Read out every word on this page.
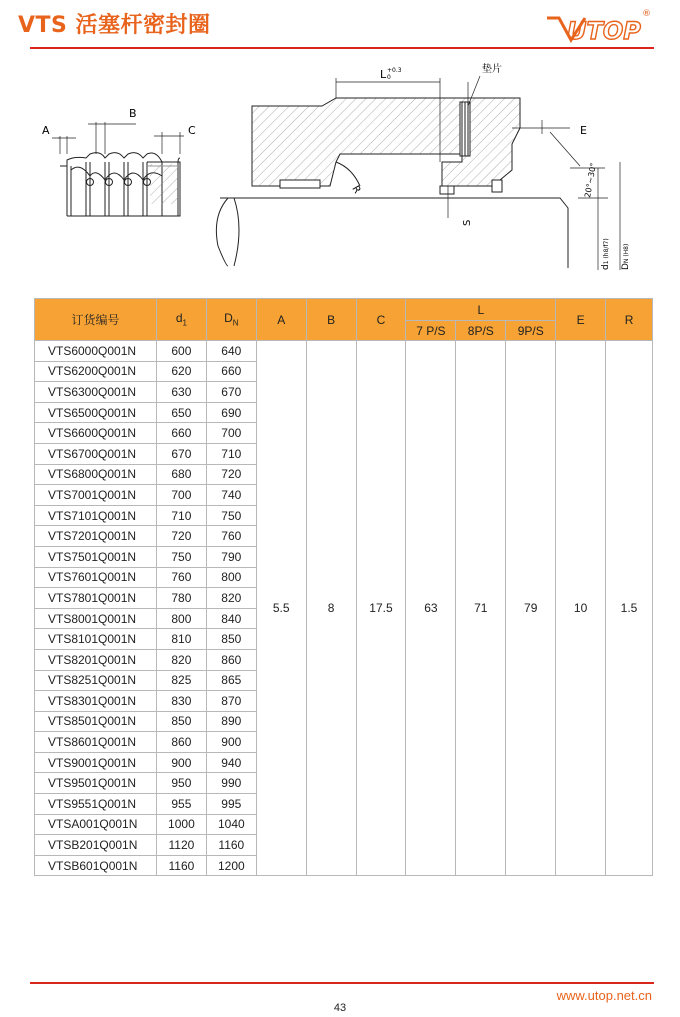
VTS 活塞杆密封圈	UTOP
®
A
B
C
L +0.3
0
垫片
E
R
S
20°~30°
d1 (h8/f7)
DN (H8)
订货编号	$d_1$	$D_N$	A	B	C	L			E	R
						7 P/S	8P/S	9P/S		
VTS6000Q001N	600	640	5.5	8	17.5	63	71	79	10	1.5
VTS6200Q001N	620	660								
VTS6300Q001N	630	670								
VTS6500Q001N	650	690								
VTS6600Q001N	660	700								
VTS6700Q001N	670	710								
VTS6800Q001N	680	720								
VTS7001Q001N	700	740								
VTS7101Q001N	710	750								
VTS7201Q001N	720	760								
VTS7501Q001N	750	790								
VTS7601Q001N	760	800								
VTS7801Q001N	780	820								
VTS8001Q001N	800	840								
VTS8101Q001N	810	850								
VTS8201Q001N	820	860								
VTS8251Q001N	825	865								
VTS8301Q001N	830	870								
VTS8501Q001N	850	890								
VTS8601Q001N	860	900								
VTS9001Q001N	900	940								
VTS9501Q001N	950	990								
VTS9551Q001N	955	995								
VTSA001Q001N	1000	1040								
VTSB201Q001N	1120	1160								
VTSB601Q001N	1160	1200								
www.utop.net.cn
43
